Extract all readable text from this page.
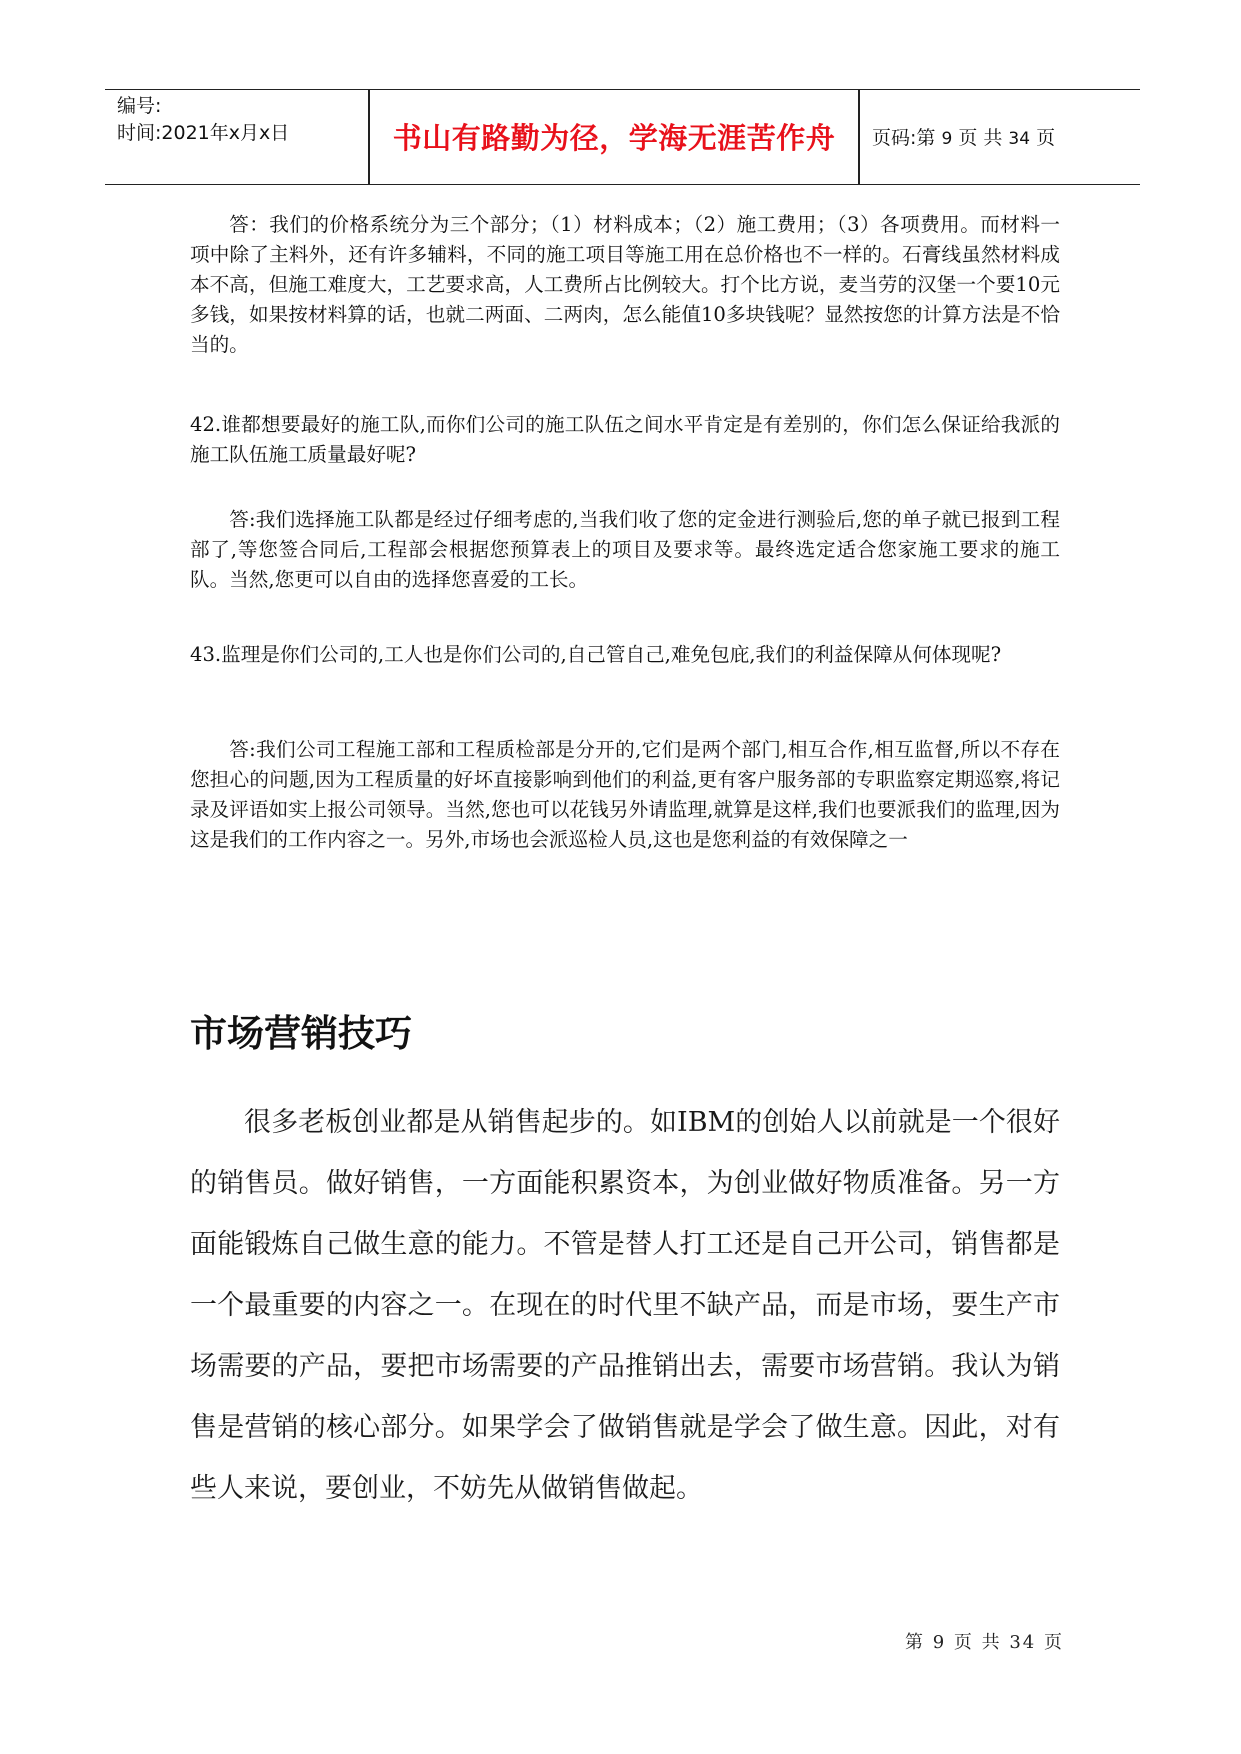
编号:
时间:2021年x月x日	书山有路勤为径，学海无涯苦作舟	页码:第 9 页 共 34 页

答：我们的价格系统分为三个部分；（1）材料成本；（2）施工费用；（3）各项费用。而材料一项中除了主料外，还有许多辅料，不同的施工项目等施工用在总价格也不一样的。石膏线虽然材料成本不高，但施工难度大，工艺要求高，人工费所占比例较大。打个比方说，麦当劳的汉堡一个要10元多钱，如果按材料算的话，也就二两面、二两肉，怎么能值10多块钱呢？显然按您的计算方法是不恰当的。

42.谁都想要最好的施工队,而你们公司的施工队伍之间水平肯定是有差别的，你们怎么保证给我派的施工队伍施工质量最好呢?

答:我们选择施工队都是经过仔细考虑的,当我们收了您的定金进行测验后,您的单子就已报到工程部了,等您签合同后,工程部会根据您预算表上的项目及要求等。最终选定适合您家施工要求的施工队。当然,您更可以自由的选择您喜爱的工长。

43.监理是你们公司的,工人也是你们公司的,自己管自己,难免包庇,我们的利益保障从何体现呢?

答:我们公司工程施工部和工程质检部是分开的,它们是两个部门,相互合作,相互监督,所以不存在您担心的问题,因为工程质量的好坏直接影响到他们的利益,更有客户服务部的专职监察定期巡察,将记录及评语如实上报公司领导。当然,您也可以花钱另外请监理,就算是这样,我们也要派我们的监理,因为这是我们的工作内容之一。另外,市场也会派巡检人员,这也是您利益的有效保障之一

市场营销技巧

很多老板创业都是从销售起步的。如IBM的创始人以前就是一个很好的销售员。做好销售，一方面能积累资本，为创业做好物质准备。另一方面能锻炼自己做生意的能力。不管是替人打工还是自己开公司，销售都是一个最重要的内容之一。在现在的时代里不缺产品，而是市场，要生产市场需要的产品，要把市场需要的产品推销出去，需要市场营销。我认为销售是营销的核心部分。如果学会了做销售就是学会了做生意。因此，对有些人来说，要创业，不妨先从做销售做起。

第 9 页 共 34 页
